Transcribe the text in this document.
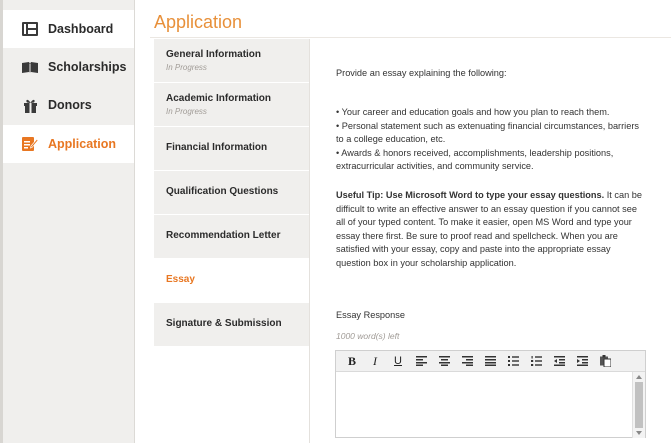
Dashboard
Scholarships
Donors
Application
Application
General Information
In Progress
Academic Information
In Progress
Financial Information
Qualification Questions
Recommendation Letter
Essay
Signature & Submission
Provide an essay explaining the following:
• Your career and education goals and how you plan to reach them.
• Personal statement such as extenuating financial circumstances, barriers to a college education, etc.
• Awards & honors received, accomplishments, leadership positions, extracurricular activities, and community service.
Useful Tip: Use Microsoft Word to type your essay questions. It can be difficult to write an effective answer to an essay question if you cannot see all of your typed content. To make it easier, open MS Word and type your essay there first. Be sure to proof read and spellcheck. When you are satisfied with your essay, copy and paste into the appropriate essay question box in your scholarship application.
Essay Response
1000 word(s) left
B	I	U
